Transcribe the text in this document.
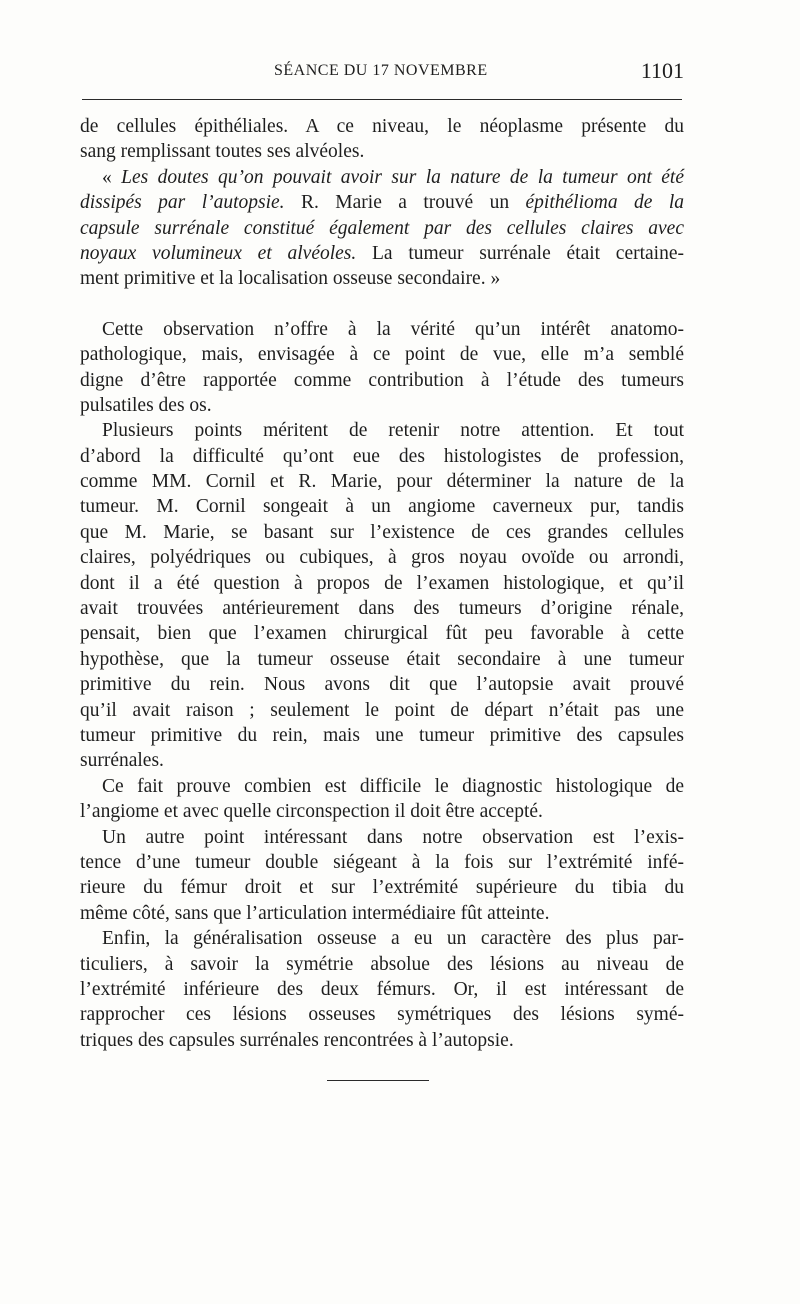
SÉANCE DU 17 NOVEMBRE	1101
de cellules épithéliales. A ce niveau, le néoplasme présente du
sang remplissant toutes ses alvéoles.
« Les doutes qu’on pouvait avoir sur la nature de la tumeur ont été
dissipés par l’autopsie. R. Marie a trouvé un épithélioma de la
capsule surrénale constitué également par des cellules claires avec
noyaux volumineux et alvéoles. La tumeur surrénale était certaine-
ment primitive et la localisation osseuse secondaire. »
Cette observation n’offre à la vérité qu’un intérêt anatomo-
pathologique, mais, envisagée à ce point de vue, elle m’a semblé
digne d’être rapportée comme contribution à l’étude des tumeurs
pulsatiles des os.
Plusieurs points méritent de retenir notre attention. Et tout
d’abord la difficulté qu’ont eue des histologistes de profession,
comme MM. Cornil et R. Marie, pour déterminer la nature de la
tumeur. M. Cornil songeait à un angiome caverneux pur, tandis
que M. Marie, se basant sur l’existence de ces grandes cellules
claires, polyédriques ou cubiques, à gros noyau ovoïde ou arrondi,
dont il a été question à propos de l’examen histologique, et qu’il
avait trouvées antérieurement dans des tumeurs d’origine rénale,
pensait, bien que l’examen chirurgical fût peu favorable à cette
hypothèse, que la tumeur osseuse était secondaire à une tumeur
primitive du rein. Nous avons dit que l’autopsie avait prouvé
qu’il avait raison ; seulement le point de départ n’était pas une
tumeur primitive du rein, mais une tumeur primitive des capsules
surrénales.
Ce fait prouve combien est difficile le diagnostic histologique de
l’angiome et avec quelle circonspection il doit être accepté.
Un autre point intéressant dans notre observation est l’exis-
tence d’une tumeur double siégeant à la fois sur l’extrémité infé-
rieure du fémur droit et sur l’extrémité supérieure du tibia du
même côté, sans que l’articulation intermédiaire fût atteinte.
Enfin, la généralisation osseuse a eu un caractère des plus par-
ticuliers, à savoir la symétrie absolue des lésions au niveau de
l’extrémité inférieure des deux fémurs. Or, il est intéressant de
rapprocher ces lésions osseuses symétriques des lésions symé-
triques des capsules surrénales rencontrées à l’autopsie.
